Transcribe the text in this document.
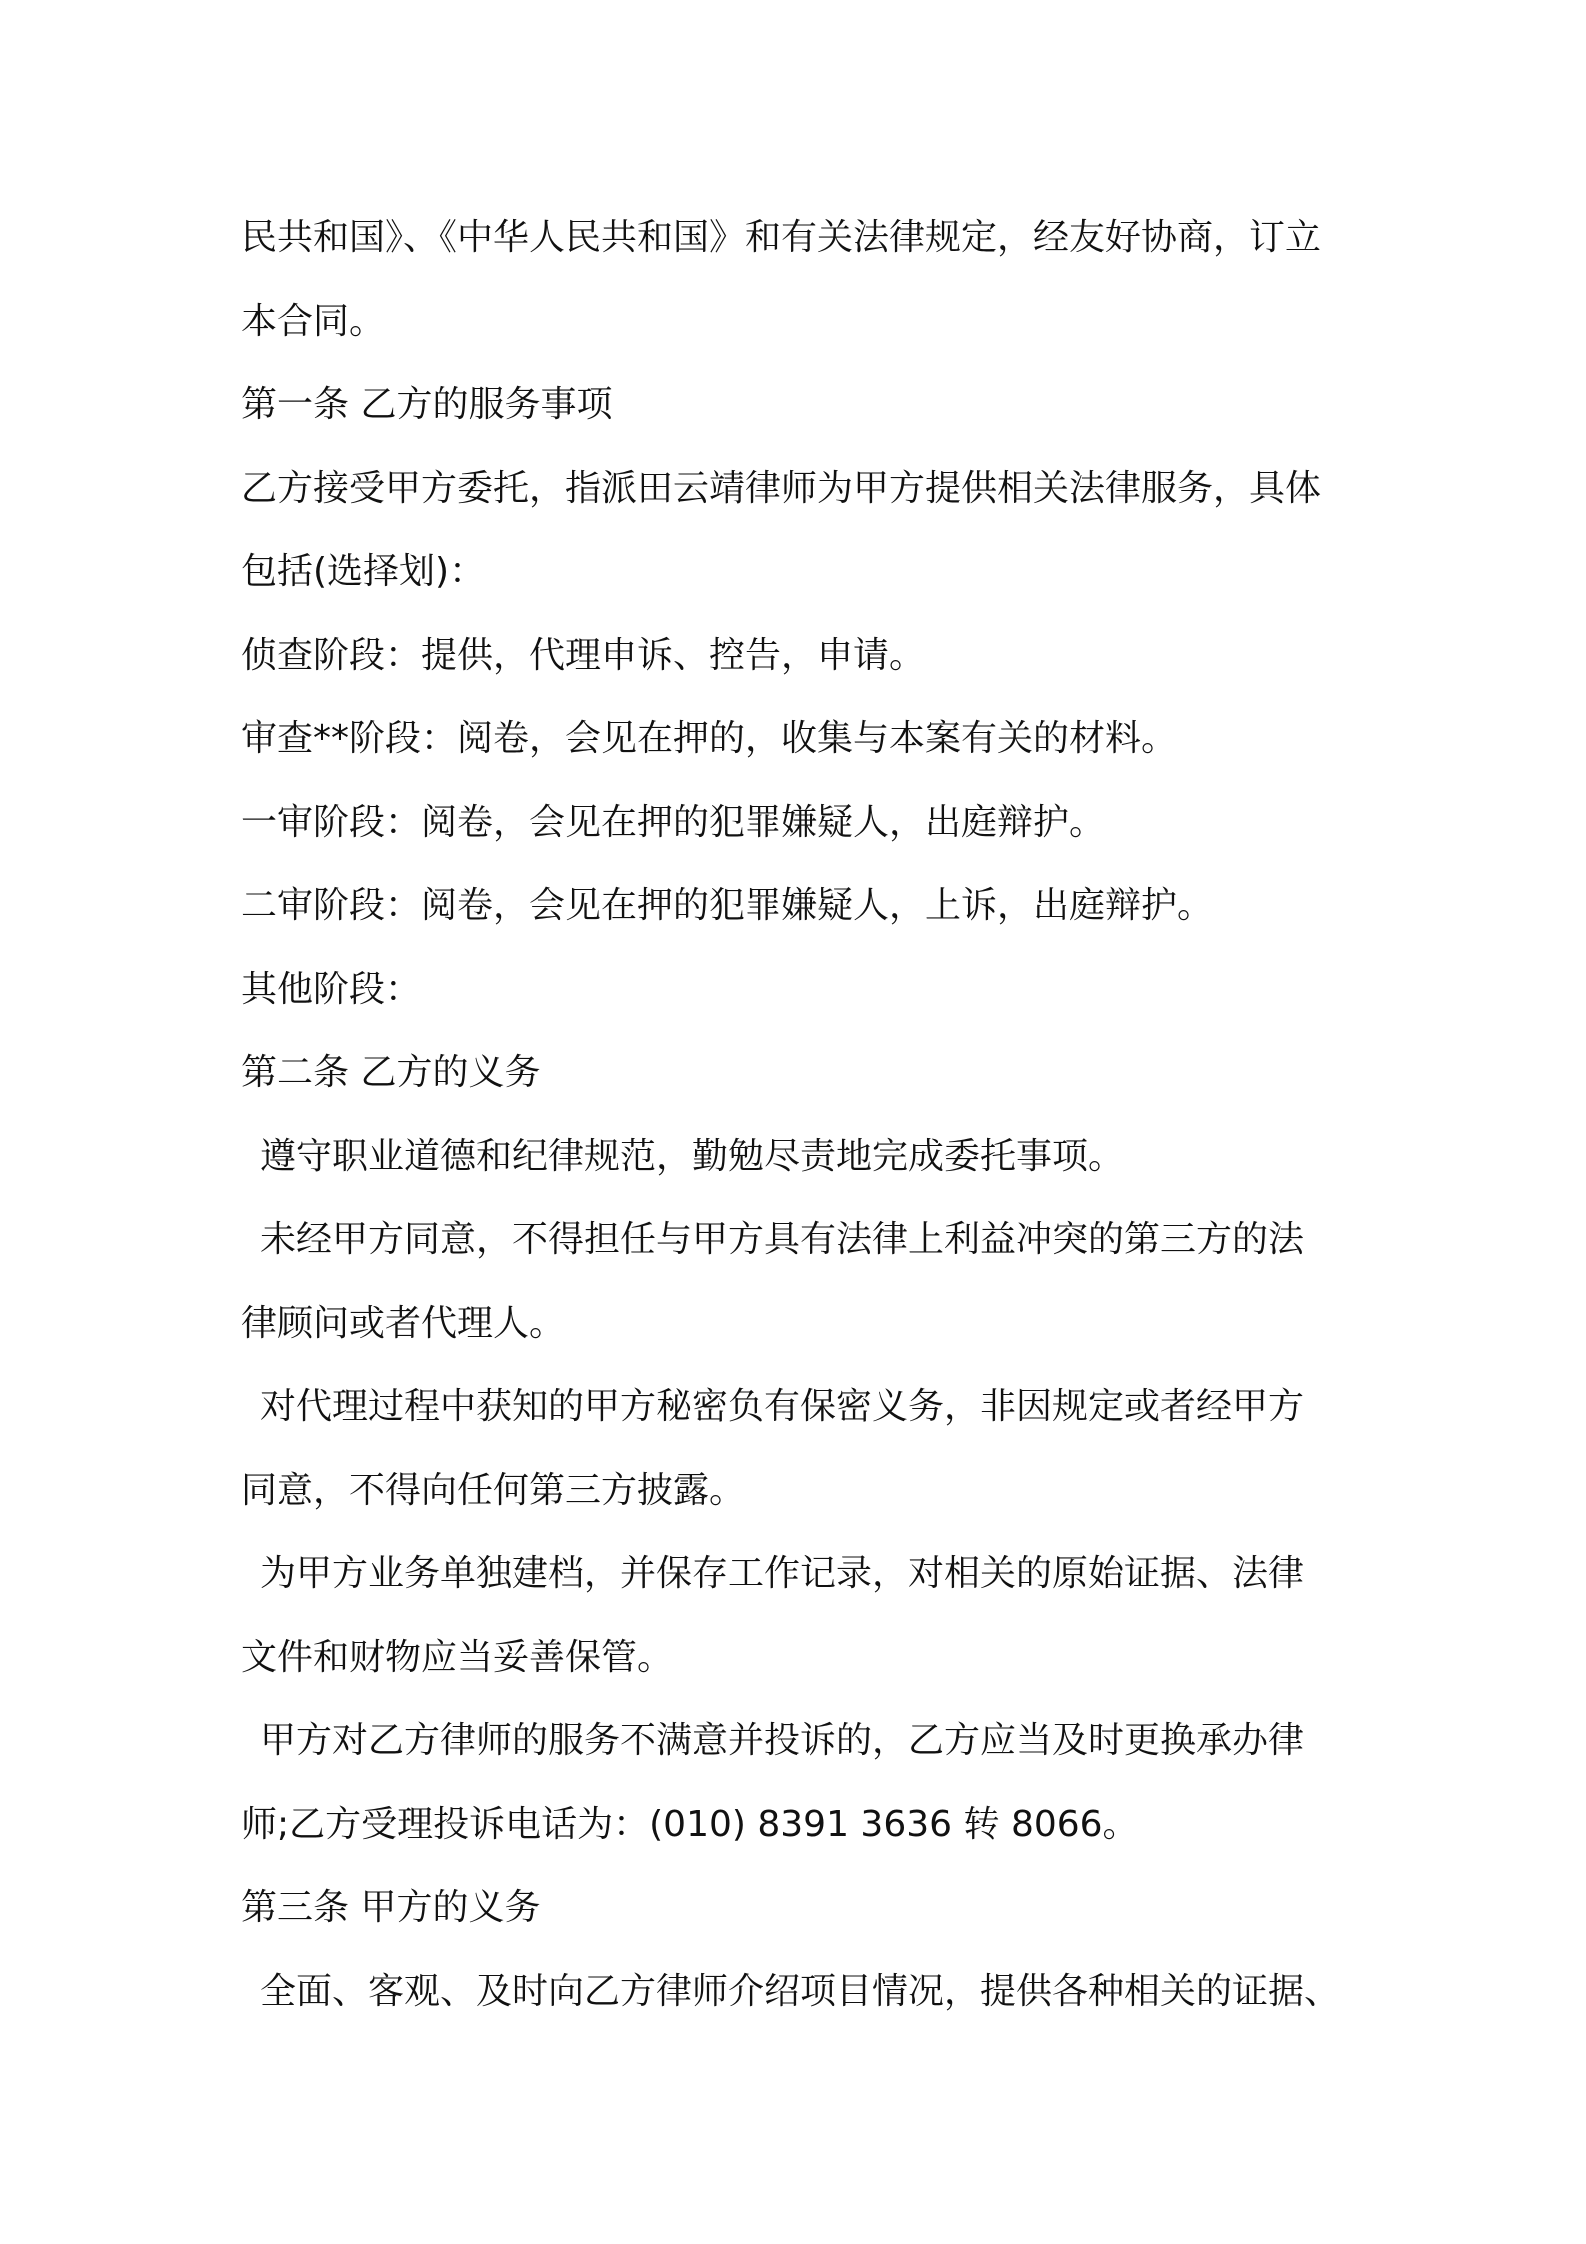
民共和国》、《中华人民共和国》和有关法律规定，经友好协商，订立
本合同。
第一条 乙方的服务事项
乙方接受甲方委托，指派田云靖律师为甲方提供相关法律服务，具体
包括(选择划)：
侦查阶段：提供，代理申诉、控告，申请。
审查**阶段：阅卷，会见在押的，收集与本案有关的材料。
一审阶段：阅卷，会见在押的犯罪嫌疑人，出庭辩护。
二审阶段：阅卷，会见在押的犯罪嫌疑人，上诉，出庭辩护。
其他阶段：
第二条 乙方的义务
遵守职业道德和纪律规范，勤勉尽责地完成委托事项。
未经甲方同意，不得担任与甲方具有法律上利益冲突的第三方的法
律顾问或者代理人。
对代理过程中获知的甲方秘密负有保密义务，非因规定或者经甲方
同意，不得向任何第三方披露。
为甲方业务单独建档，并保存工作记录，对相关的原始证据、法律
文件和财物应当妥善保管。
甲方对乙方律师的服务不满意并投诉的，乙方应当及时更换承办律
师;乙方受理投诉电话为：(010) 8391 3636 转 8066。
第三条 甲方的义务
全面、客观、及时向乙方律师介绍项目情况，提供各种相关的证据、
